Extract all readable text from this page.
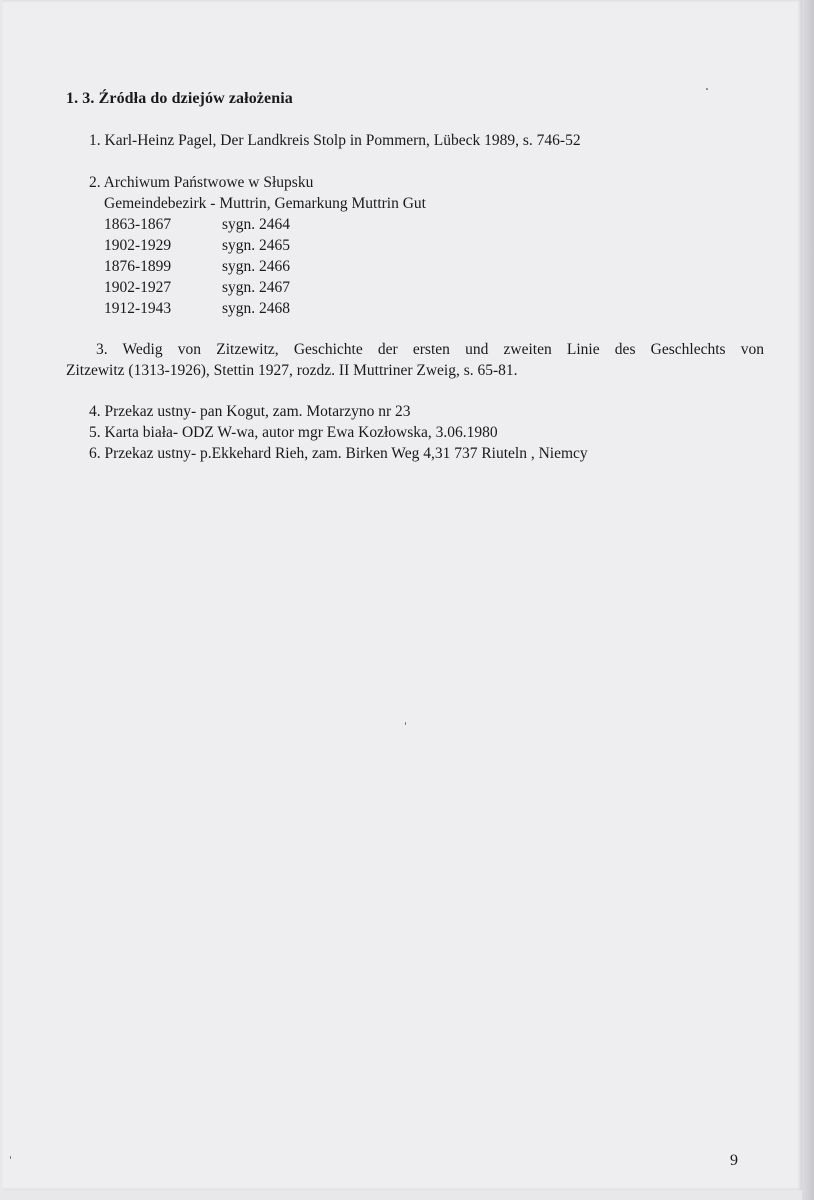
1. 3. Źródła do dziejów założenia
1. Karl-Heinz Pagel, Der Landkreis Stolp in Pommern, Lübeck 1989, s. 746-52
2. Archiwum Państwowe w Słupsku
Gemeindebezirk - Muttrin, Gemarkung Muttrin Gut
1863-1867	sygn. 2464
1902-1929	sygn. 2465
1876-1899	sygn. 2466
1902-1927	sygn. 2467
1912-1943	sygn. 2468
3. Wedig von Zitzewitz, Geschichte der ersten und zweiten Linie des Geschlechts von
Zitzewitz (1313-1926), Stettin 1927, rozdz. II Muttriner Zweig, s. 65-81.
4. Przekaz ustny- pan Kogut, zam. Motarzyno nr 23
5. Karta biała- ODZ W-wa, autor mgr Ewa Kozłowska, 3.06.1980
6. Przekaz ustny- p.Ekkehard Rieh, zam. Birken Weg 4,31 737 Riuteln , Niemcy
9
